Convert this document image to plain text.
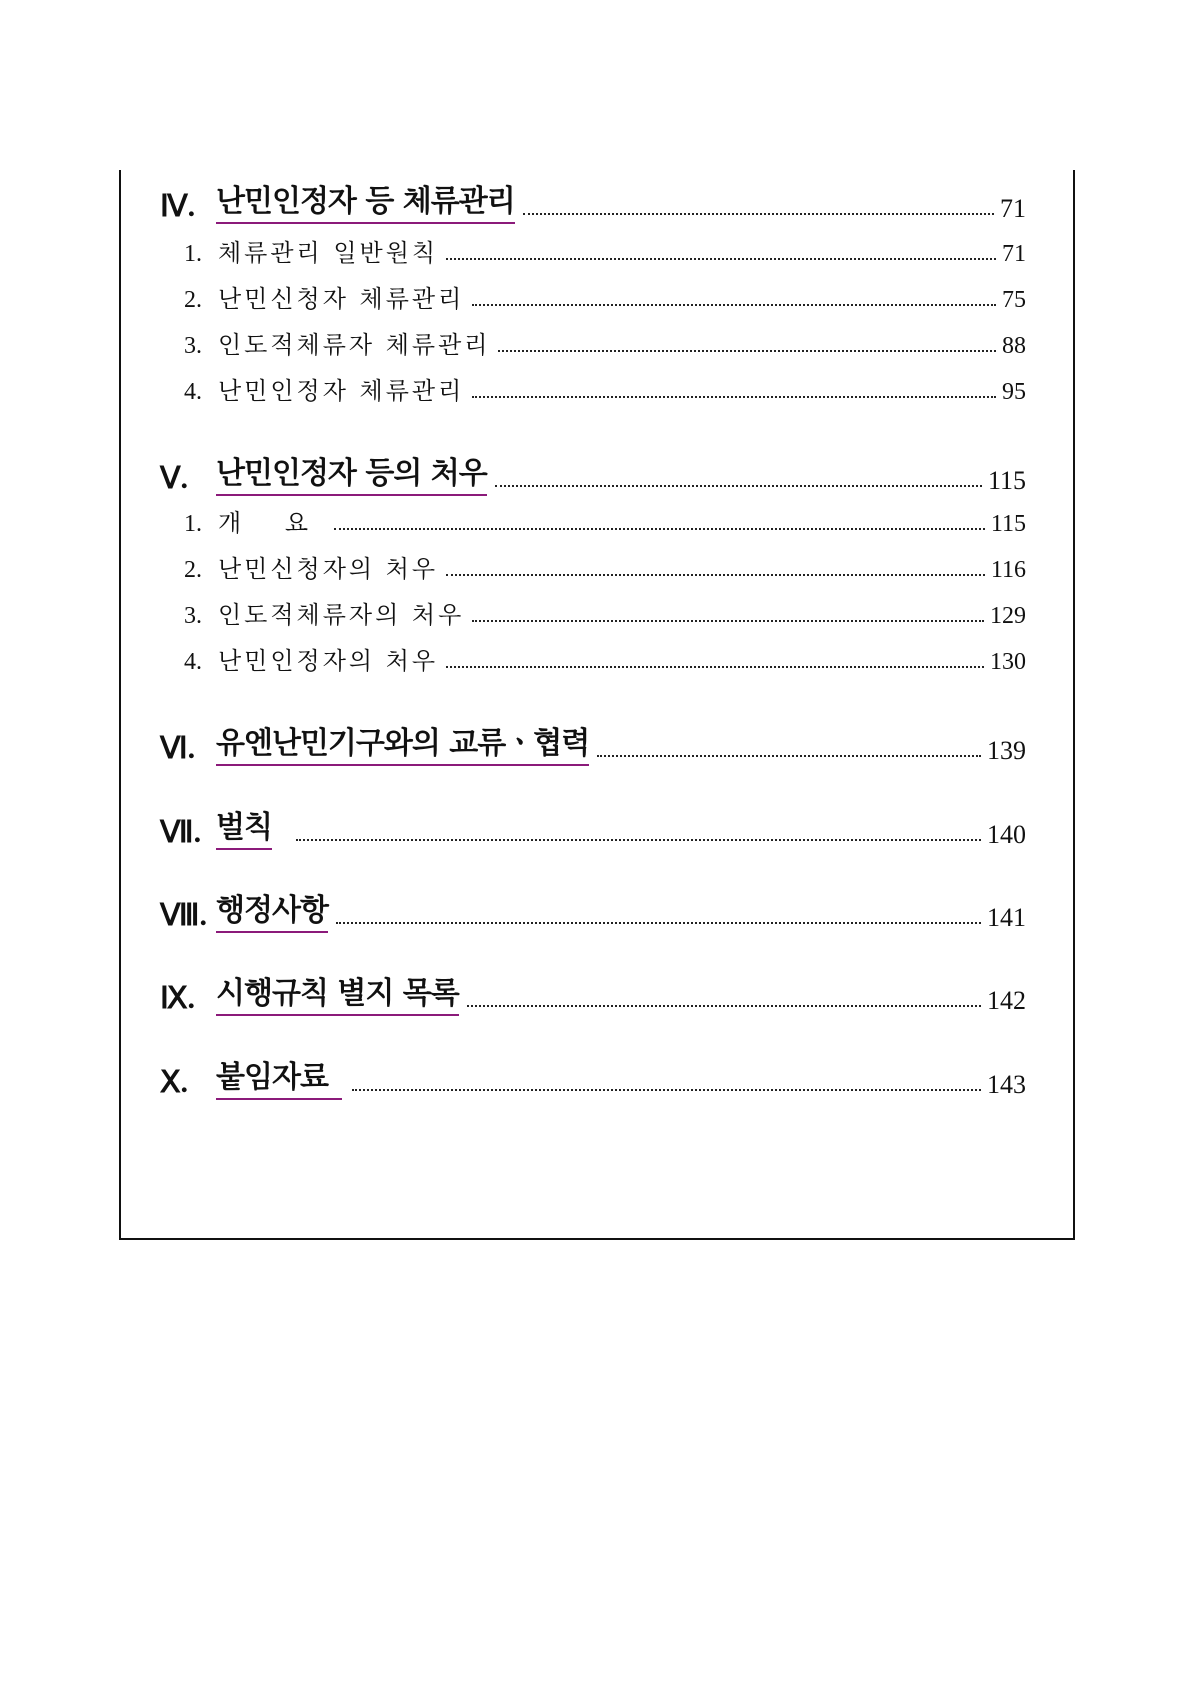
Ⅳ. 난민인정자 등 체류관리	71
1. 체류관리 일반원칙	71
2. 난민신청자 체류관리	75
3. 인도적체류자 체류관리	88
4. 난민인정자 체류관리	95
Ⅴ. 난민인정자 등의 처우	115
1. 개 요	115
2. 난민신청자의 처우	116
3. 인도적체류자의 처우	129
4. 난민인정자의 처우	130
Ⅵ. 유엔난민기구와의 교류ㆍ협력	139
Ⅶ. 벌칙	140
Ⅷ. 행정사항	141
Ⅸ. 시행규칙 별지 목록	142
Ⅹ. 붙임자료	143
